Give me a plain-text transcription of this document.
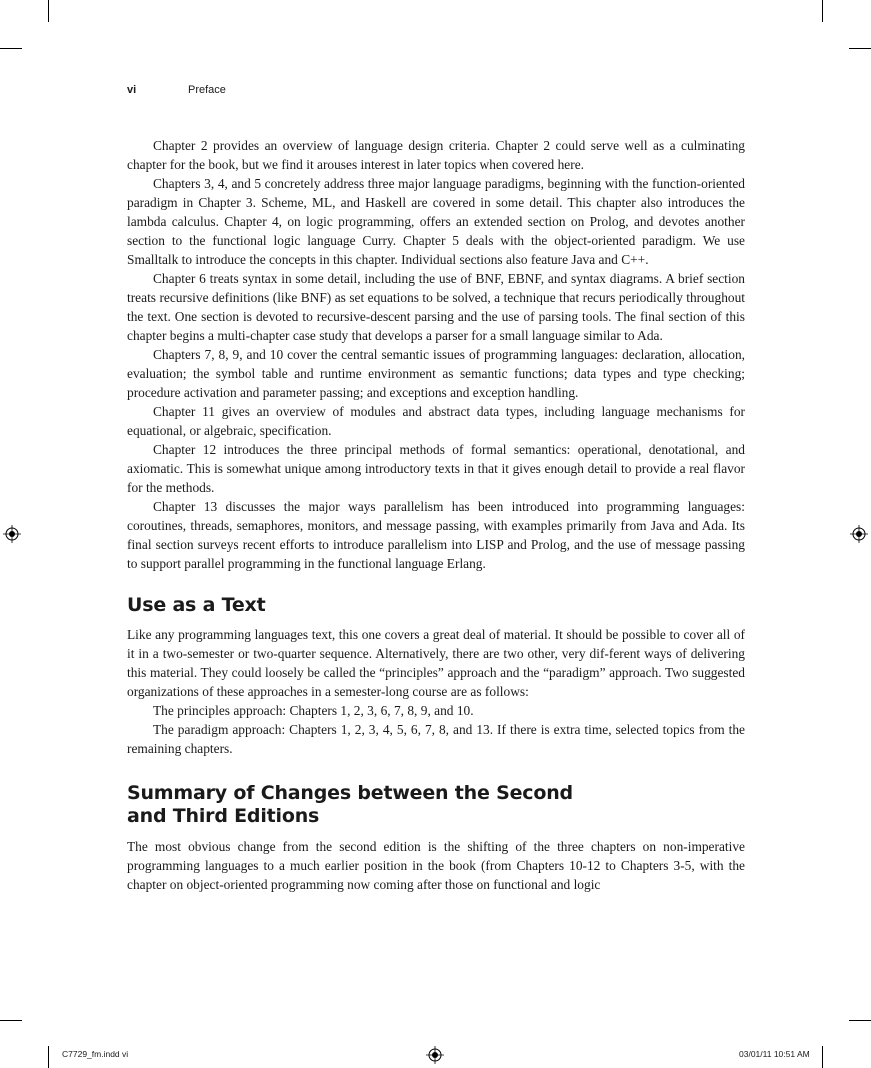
vi	Preface

Chapter 2 provides an overview of language design criteria. Chapter 2 could serve well as a culminating chapter for the book, but we find it arouses interest in later topics when covered here.

Chapters 3, 4, and 5 concretely address three major language paradigms, beginning with the function-oriented paradigm in Chapter 3. Scheme, ML, and Haskell are covered in some detail. This chapter also introduces the lambda calculus. Chapter 4, on logic programming, offers an extended section on Prolog, and devotes another section to the functional logic language Curry. Chapter 5 deals with the object-oriented paradigm. We use Smalltalk to introduce the concepts in this chapter. Individual sections also feature Java and C++.

Chapter 6 treats syntax in some detail, including the use of BNF, EBNF, and syntax diagrams. A brief section treats recursive definitions (like BNF) as set equations to be solved, a technique that recurs periodically throughout the text. One section is devoted to recursive-descent parsing and the use of parsing tools. The final section of this chapter begins a multi-chapter case study that develops a parser for a small language similar to Ada.

Chapters 7, 8, 9, and 10 cover the central semantic issues of programming languages: declaration, allocation, evaluation; the symbol table and runtime environment as semantic functions; data types and type checking; procedure activation and parameter passing; and exceptions and exception handling.

Chapter 11 gives an overview of modules and abstract data types, including language mechanisms for equational, or algebraic, specification.

Chapter 12 introduces the three principal methods of formal semantics: operational, denotational, and axiomatic. This is somewhat unique among introductory texts in that it gives enough detail to provide a real flavor for the methods.

Chapter 13 discusses the major ways parallelism has been introduced into programming languages: coroutines, threads, semaphores, monitors, and message passing, with examples primarily from Java and Ada. Its final section surveys recent efforts to introduce parallelism into LISP and Prolog, and the use of message passing to support parallel programming in the functional language Erlang.

Use as a Text

Like any programming languages text, this one covers a great deal of material. It should be possible to cover all of it in a two-semester or two-quarter sequence. Alternatively, there are two other, very dif-ferent ways of delivering this material. They could loosely be called the “principles” approach and the “paradigm” approach. Two suggested organizations of these approaches in a semester-long course are as follows:

The principles approach: Chapters 1, 2, 3, 6, 7, 8, 9, and 10.

The paradigm approach: Chapters 1, 2, 3, 4, 5, 6, 7, 8, and 13. If there is extra time, selected topics from the remaining chapters.

Summary of Changes between the Second
and Third Editions

The most obvious change from the second edition is the shifting of the three chapters on non-imperative programming languages to a much earlier position in the book (from Chapters 10-12 to Chapters 3-5, with the chapter on object-oriented programming now coming after those on functional and logic

C7729_fm.indd vi	03/01/11 10:51 AM
